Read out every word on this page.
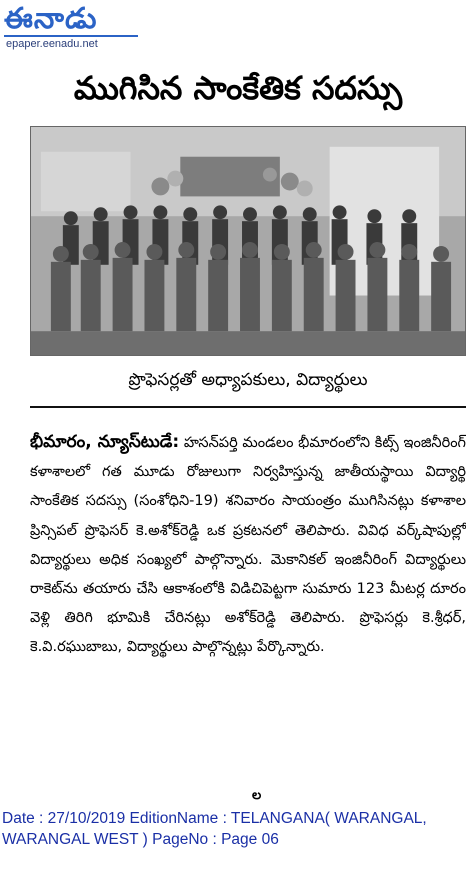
ఈనాడు
epaper.eenadu.net
ముగిసిన సాంకేతిక సదస్సు
ప్రొఫెసర్లతో అధ్యాపకులు, విద్యార్థులు
భీమారం, న్యూస్‌టుడే: హసన్‌పర్తి మండలం భీమారంలోని కిట్స్ ఇంజినీరింగ్ కళాశాలలో గత మూడు రోజులుగా నిర్వహిస్తున్న జాతీయస్థాయి విద్యార్థి సాంకేతిక సదస్సు (సంశోధిని-19) శనివారం సాయంత్రం ముగిసినట్లు కళాశాల ప్రిన్సిపల్ ప్రొఫెసర్ కె.అశోక్‌రెడ్డి ఒక ప్రకటనలో తెలిపారు. వివిధ వర్క్‌షాపుల్లో విద్యార్థులు అధిక సంఖ్యలో పాల్గొన్నారు. మెకానికల్ ఇంజినీరింగ్ విద్యార్థులు రాకెట్‌ను తయారు చేసి ఆకాశంలోకి విడిచిపెట్టగా సుమారు 123 మీటర్ల దూరం వెళ్లి తిరిగి భూమికి చేరినట్లు అశోక్‌రెడ్డి తెలిపారు. ప్రొఫెసర్లు కె.శ్రీధర్, కె.వి.రఘుబాబు, విద్యార్థులు పాల్గొన్నట్లు పేర్కొన్నారు.
ల
Date : 27/10/2019 EditionName : TELANGANA( WARANGAL,
WARANGAL WEST ) PageNo : Page 06
